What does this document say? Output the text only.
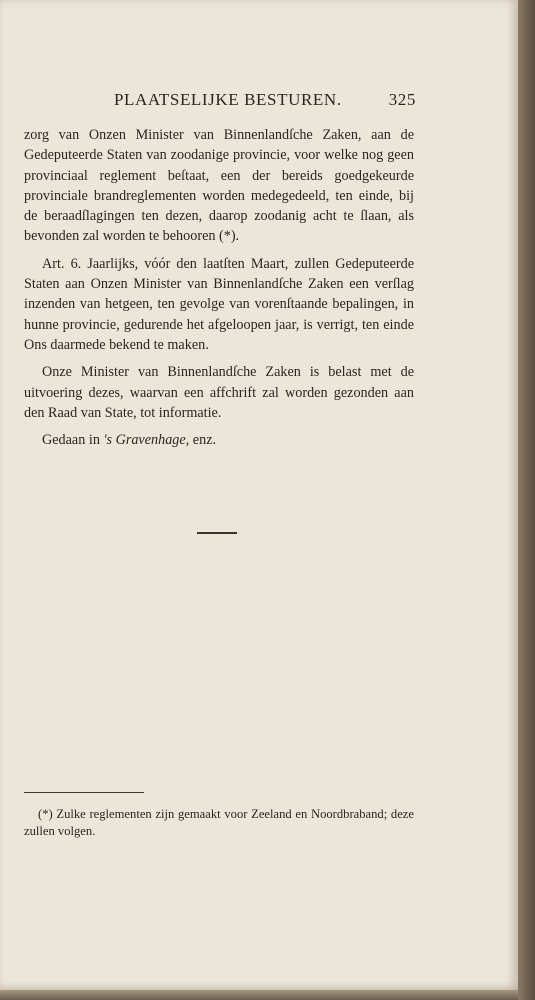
PLAATSELIJKE BESTUREN.	325

zorg van Onzen Minister van Binnenlandſche Zaken, aan de Gedeputeerde Staten van zoodanige provincie, voor welke nog geen provinciaal reglement beſtaat, een der bereids goedgekeurde provinciale brandreglementen worden medegedeeld, ten einde, bij de beraadſlagingen ten dezen, daarop zoodanig acht te ſlaan, als bevonden zal worden te behooren (*).

Art. 6. Jaarlijks, vóór den laatſten Maart, zullen Gedeputeerde Staten aan Onzen Minister van Binnenlandſche Zaken een verſlag inzenden van hetgeen, ten gevolge van vorenſtaande bepalingen, in hunne provincie, gedurende het afgeloopen jaar, is verrigt, ten einde Ons daarmede bekend te maken.

Onze Minister van Binnenlandſche Zaken is belast met de uitvoering dezes, waarvan een affchrift zal worden gezonden aan den Raad van State, tot informatie.

Gedaan in 's Gravenhage, enz.

(*) Zulke reglementen zijn gemaakt voor Zeeland en Noordbraband; deze zullen volgen.
